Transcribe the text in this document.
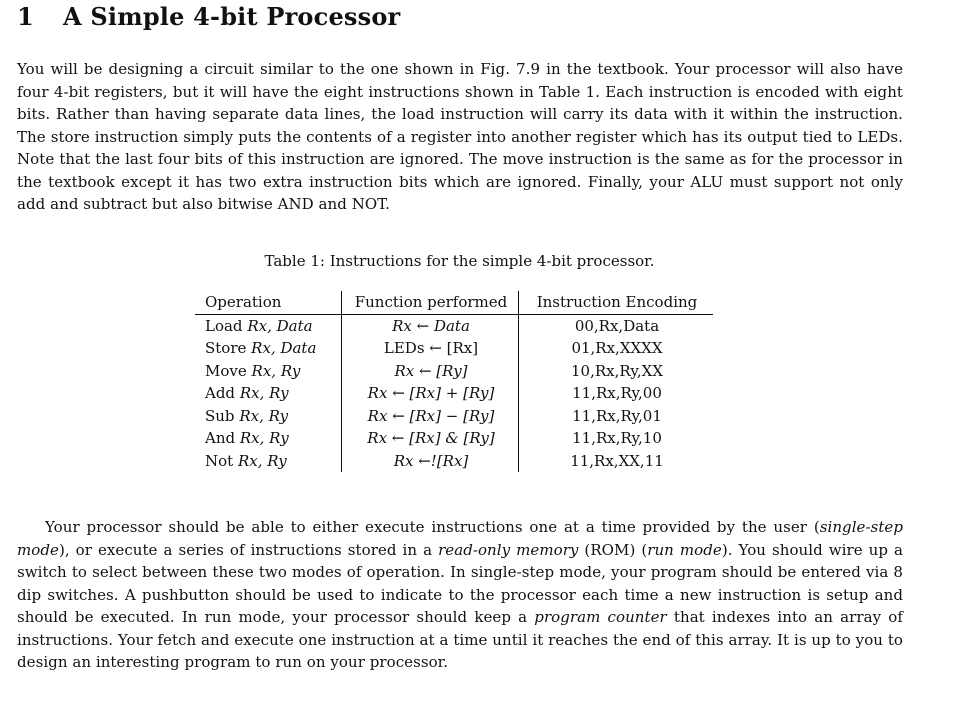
1 A Simple 4-bit Processor

You will be designing a circuit similar to the one shown in Fig. 7.9 in the textbook. Your processor will also have four 4-bit registers, but it will have the eight instructions shown in Table 1. Each instruction is encoded with eight bits. Rather than having separate data lines, the load instruction will carry its data with it within the instruction. The store instruction simply puts the contents of a register into another register which has its output tied to LEDs. Note that the last four bits of this instruction are ignored. The move instruction is the same as for the processor in the textbook except it has two extra instruction bits which are ignored. Finally, your ALU must support not only add and subtract but also bitwise AND and NOT.

Table 1: Instructions for the simple 4-bit processor.

Operation	Function performed	Instruction Encoding
Load Rx, Data	Rx ← Data	00,Rx,Data
Store Rx, Data	LEDs ← [Rx]	01,Rx,XXXX
Move Rx, Ry	Rx ← [Ry]	10,Rx,Ry,XX
Add Rx, Ry	Rx ← [Rx] + [Ry]	11,Rx,Ry,00
Sub Rx, Ry	Rx ← [Rx] − [Ry]	11,Rx,Ry,01
And Rx, Ry	Rx ← [Rx] & [Ry]	11,Rx,Ry,10
Not Rx, Ry	Rx ←![Rx]	11,Rx,XX,11

Your processor should be able to either execute instructions one at a time provided by the user (single-step mode), or execute a series of instructions stored in a read-only memory (ROM) (run mode). You should wire up a switch to select between these two modes of operation. In single-step mode, your program should be entered via 8 dip switches. A pushbutton should be used to indicate to the processor each time a new instruction is setup and should be executed. In run mode, your processor should keep a program counter that indexes into an array of instructions. Your fetch and execute one instruction at a time until it reaches the end of this array. It is up to you to design an interesting program to run on your processor.
